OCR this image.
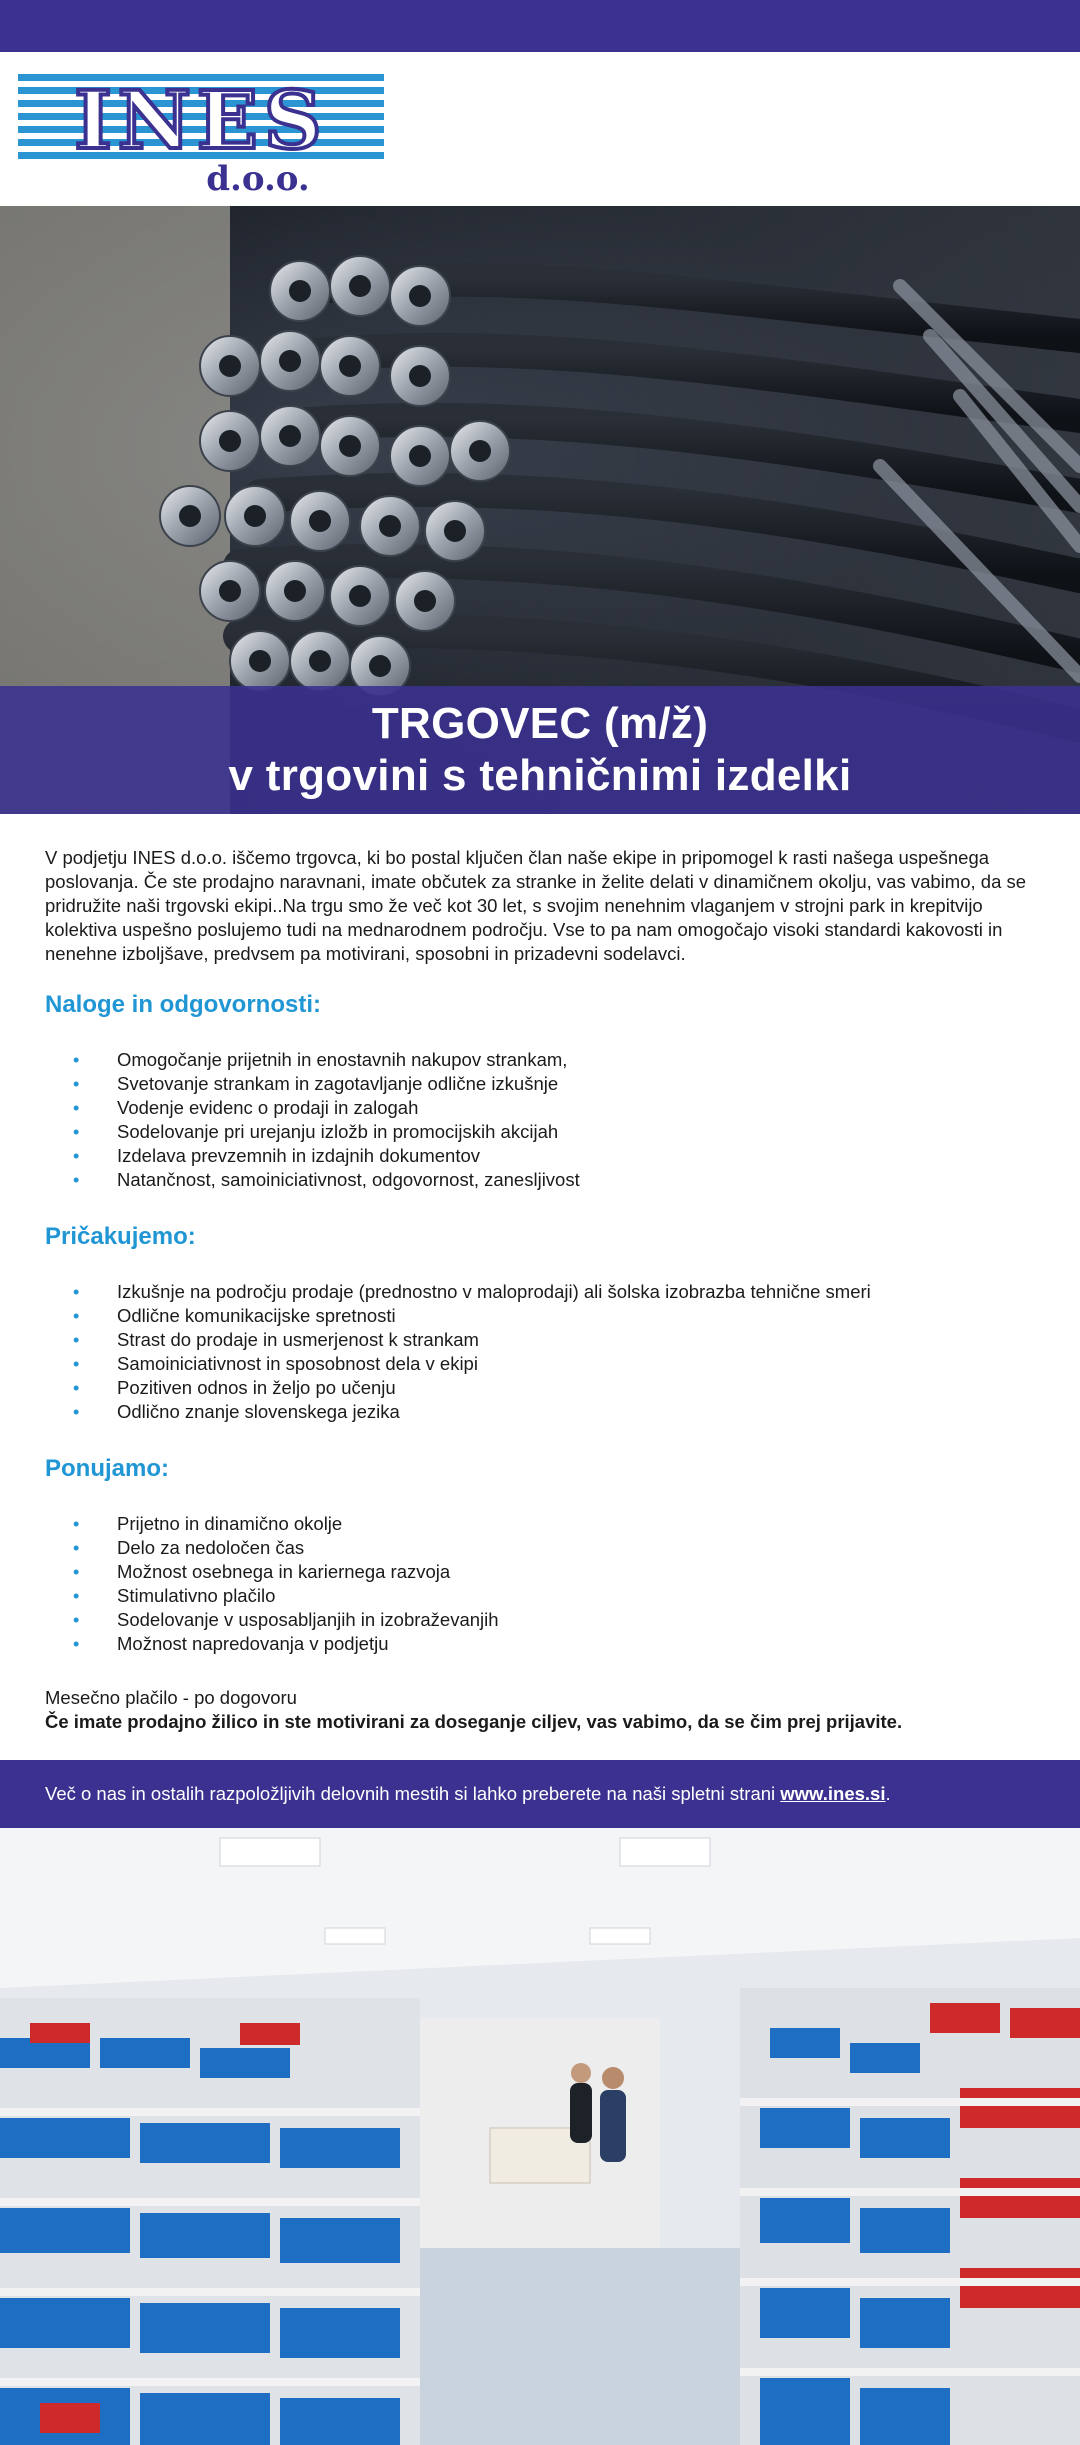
INES
d.o.o.
TRGOVEC (m/ž)
v trgovini s tehničnimi izdelki

V podjetju INES d.o.o. iščemo trgovca, ki bo postal ključen član naše ekipe in pripomogel k rasti našega uspešnega poslovanja. Če ste prodajno naravnani, imate občutek za stranke in želite delati v dinamičnem okolju, vas vabimo, da se pridružite naši trgovski ekipi..Na trgu smo že več kot 30 let, s svojim nenehnim vlaganjem v strojni park in krepitvijo kolektiva uspešno poslujemo tudi na mednarodnem področju. Vse to pa nam omogočajo visoki standardi kakovosti in nenehne izboljšave, predvsem pa motivirani, sposobni in prizadevni sodelavci.

Naloge in odgovornosti:
• Omogočanje prijetnih in enostavnih nakupov strankam,
• Svetovanje strankam in zagotavljanje odlične izkušnje
• Vodenje evidenc o prodaji in zalogah
• Sodelovanje pri urejanju izložb in promocijskih akcijah
• Izdelava prevzemnih in izdajnih dokumentov
• Natančnost, samoiniciativnost, odgovornost, zanesljivost
Pričakujemo:
• Izkušnje na področju prodaje (prednostno v maloprodaji) ali šolska izobrazba tehnične smeri
• Odlične komunikacijske spretnosti
• Strast do prodaje in usmerjenost k strankam
• Samoiniciativnost in sposobnost dela v ekipi
• Pozitiven odnos in željo po učenju
• Odlično znanje slovenskega jezika
Ponujamo:
• Prijetno in dinamično okolje
• Delo za nedoločen čas
• Možnost osebnega in kariernega razvoja
• Stimulativno plačilo
• Sodelovanje v usposabljanjih in izobraževanjih
• Možnost napredovanja v podjetju

Mesečno plačilo - po dogovoru

Če imate prodajno žilico in ste motivirani za doseganje ciljev, vas vabimo, da se čim prej prijavite.

Več o nas in ostalih razpoložljivih delovnih mestih si lahko preberete na naši spletni strani www.ines.si.
